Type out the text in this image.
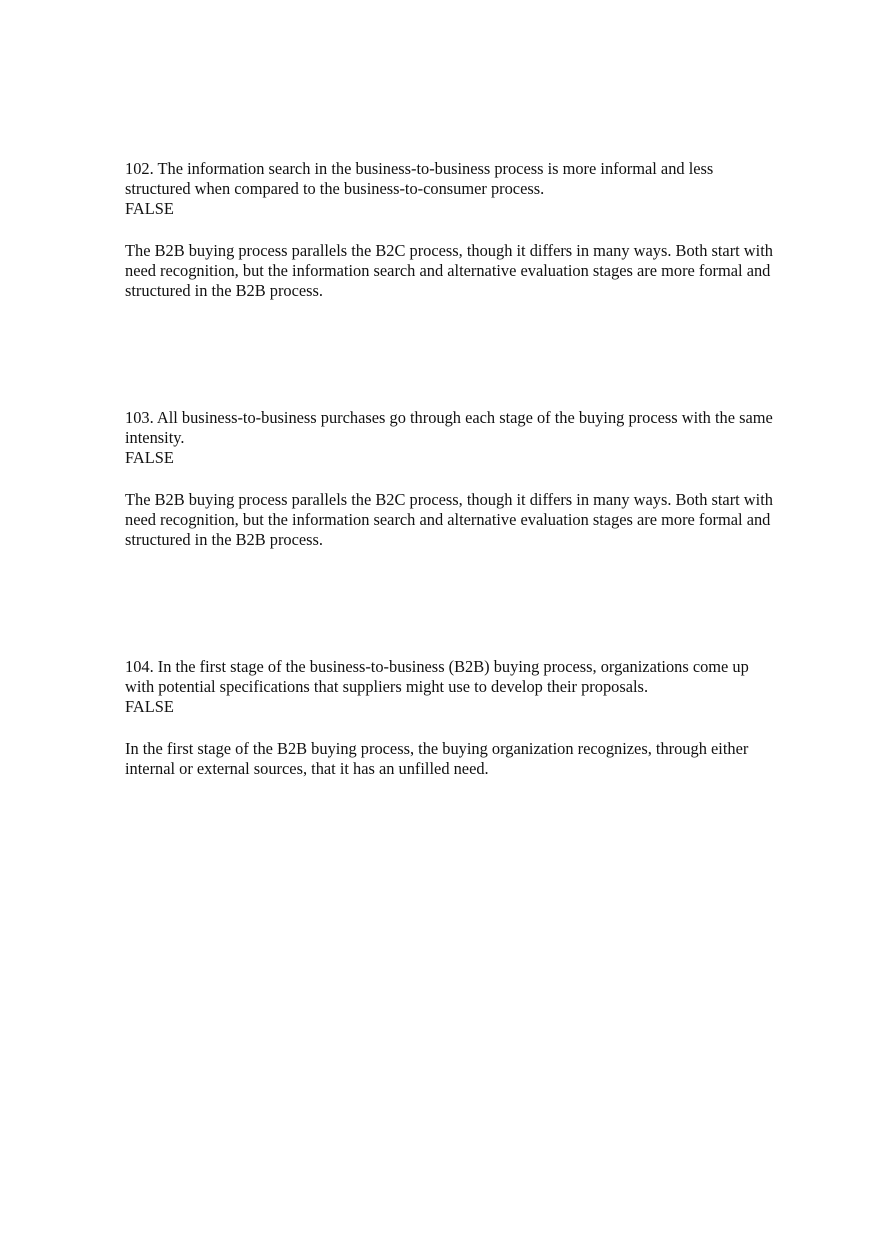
102. The information search in the business-to-business process is more informal and less structured when compared to the business-to-consumer process.

FALSE

The B2B buying process parallels the B2C process, though it differs in many ways. Both start with need recognition, but the information search and alternative evaluation stages are more formal and structured in the B2B process.

103. All business-to-business purchases go through each stage of the buying process with the same intensity.

FALSE

The B2B buying process parallels the B2C process, though it differs in many ways. Both start with need recognition, but the information search and alternative evaluation stages are more formal and structured in the B2B process.

104. In the first stage of the business-to-business (B2B) buying process, organizations come up with potential specifications that suppliers might use to develop their proposals.

FALSE

In the first stage of the B2B buying process, the buying organization recognizes, through either internal or external sources, that it has an unfilled need.
